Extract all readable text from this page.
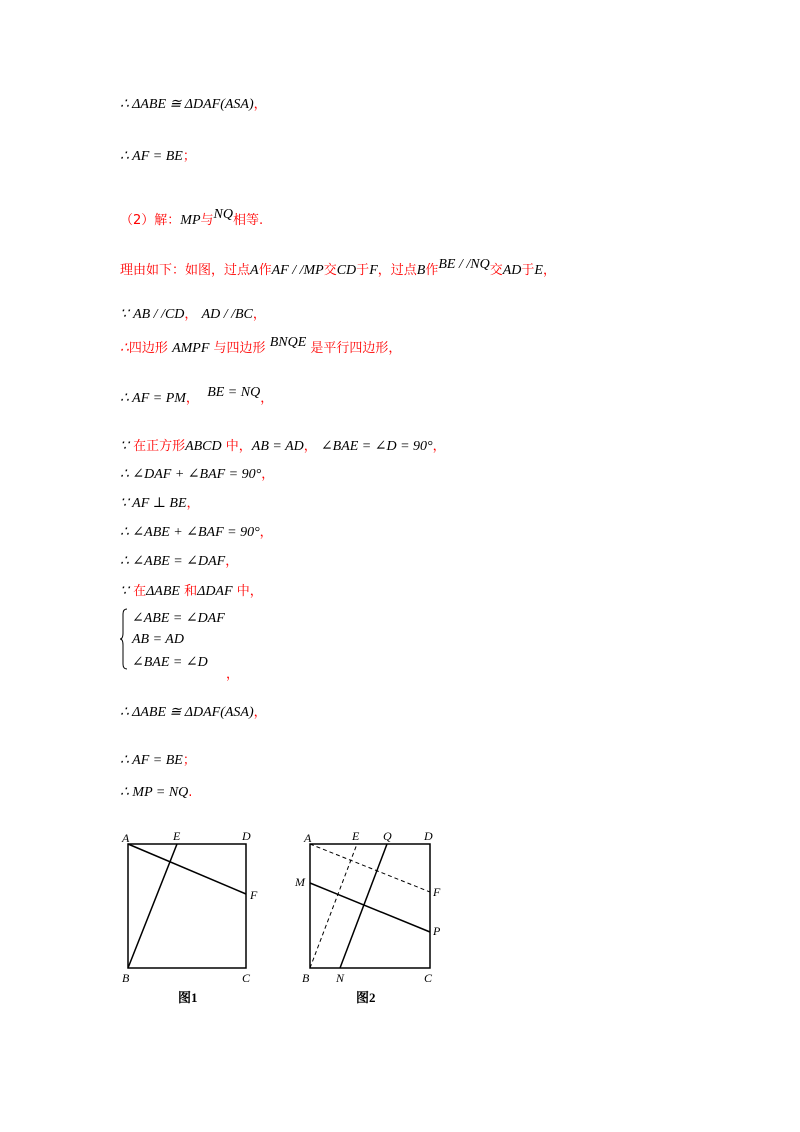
∴ ΔABE ≅ ΔDAF(ASA)，
∴ AF = BE；
（2）解：MP与NQ相等.
理由如下：如图，过点A作AF / /MP交CD于F，过点B作BE / /NQ交AD于E，
∵ AB / /CD， AD / /BC，
∴四边形 AMPF 与四边形 BNQE 是平行四边形，
∴ AF = PM， BE = NQ，
∵ 在正方形ABCD 中，AB = AD， ∠BAE = ∠D = 90°，
∴ ∠DAF + ∠BAF = 90°，
∵ AF ⊥ BE，
∴ ∠ABE + ∠BAF = 90°，
∴ ∠ABE = ∠DAF，
∵ 在ΔABE 和ΔDAF 中，
∠ABE = ∠DAF
AB = AD
∠BAE = ∠D
，
∴ ΔABE ≅ ΔDAF(ASA)，
∴ AF = BE；
∴ MP = NQ.
A	E	D
F
B	C
图1
A	E Q	D
M
F
P
B N	C
图2
